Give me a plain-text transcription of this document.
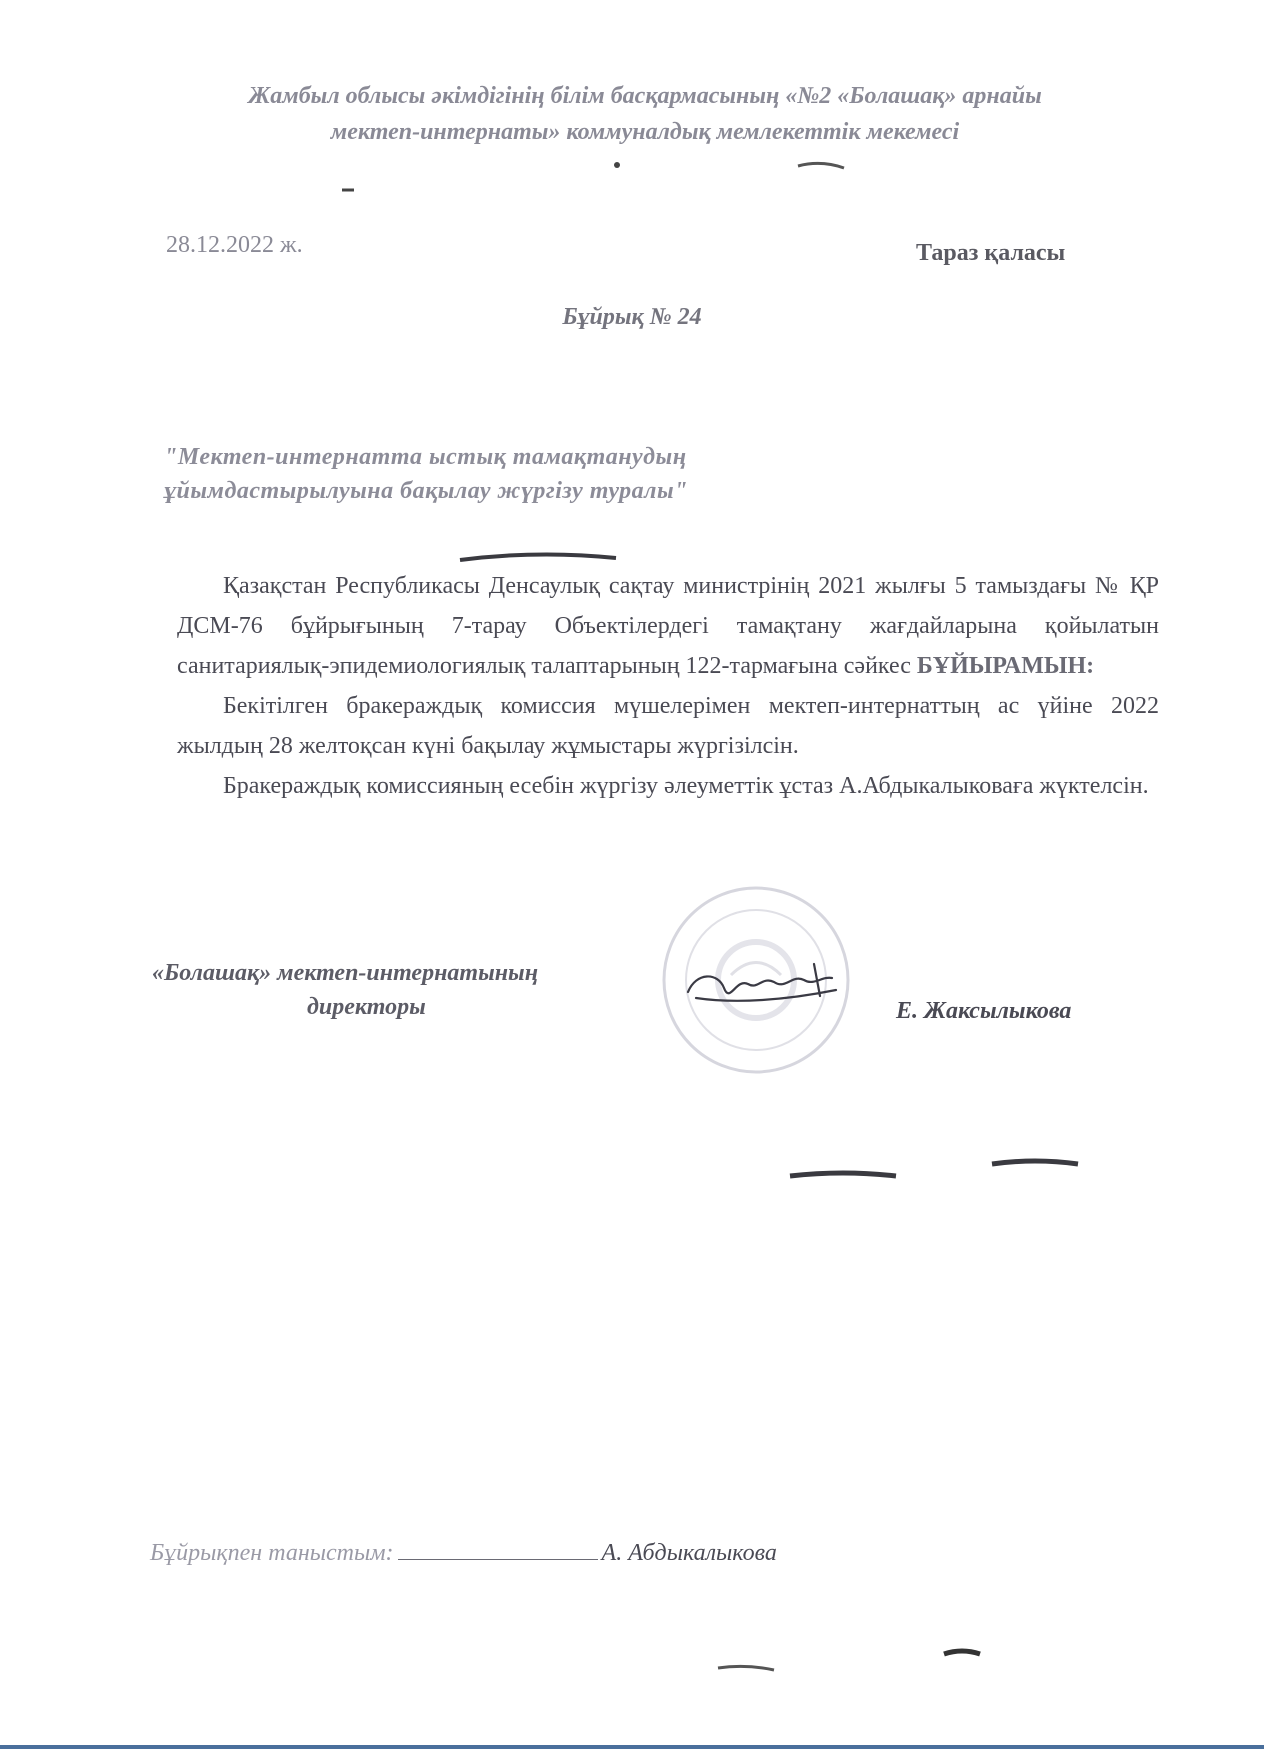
Жамбыл облысы әкімдігінің білім басқармасының «№2 «Болашақ» арнайы
мектеп-интернаты» коммуналдық мемлекеттік мекемесі
28.12.2022 ж.	Тараз қаласы
Бұйрық № 24
"Мектеп-интернатта ыстық тамақтанудың
ұйымдастырылуына бақылау жүргізу туралы"

Қазақстан Республикасы Денсаулық сақтау министрінің 2021 жылғы 5 тамыздағы № ҚР ДСМ-76 бұйрығының 7-тарау Объектілердегі тамақтану жағдайларына қойылатын санитариялық-эпидемиологиялық талаптарының 122-тармағына сәйкес БҰЙЫРАМЫН:

Бекітілген бракераждық комиссия мүшелерімен мектеп-интернаттың ас үйіне 2022 жылдың 28 желтоқсан күні бақылау жұмыстары жүргізілсін.

Бракераждық комиссияның есебін жүргізу әлеуметтік ұстаз А.Абдыкалыковаға жүктелсін.

«Болашақ» мектеп-интернатының
директоры	Е. Жаксылыкова
Бұйрықпен таныстым:	А. Абдыкалыкова
